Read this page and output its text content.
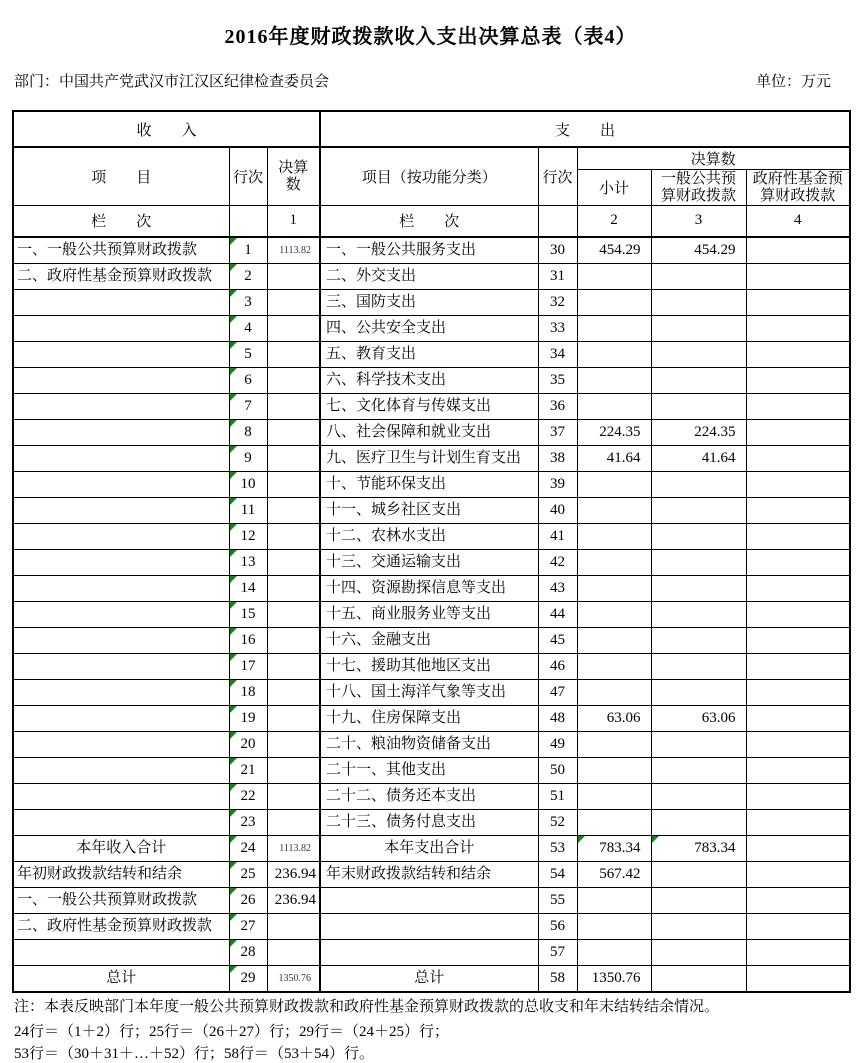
2016年度财政拨款收入支出决算总表（表4）
部门：中国共产党武汉市江汉区纪律检查委员会	单位：万元
收　　入			支　　出				
项　　目	行次	决算数	项目（按功能分类）	行次	决算数		
					小计	一般公共预算财政拨款	政府性基金预算财政拨款
栏　　次		1	栏　　次		2	3	4
一、一般公共预算财政拨款	1	1113.82	一、一般公共服务支出	30	454.29	454.29	
二、政府性基金预算财政拨款	2		二、外交支出	31			
	3		三、国防支出	32			
	4		四、公共安全支出	33			
	5		五、教育支出	34			
	6		六、科学技术支出	35			
	7		七、文化体育与传媒支出	36			
	8		八、社会保障和就业支出	37	224.35	224.35	
	9		九、医疗卫生与计划生育支出	38	41.64	41.64	
	10		十、节能环保支出	39			
	11		十一、城乡社区支出	40			
	12		十二、农林水支出	41			
	13		十三、交通运输支出	42			
	14		十四、资源勘探信息等支出	43			
	15		十五、商业服务业等支出	44			
	16		十六、金融支出	45			
	17		十七、援助其他地区支出	46			
	18		十八、国土海洋气象等支出	47			
	19		十九、住房保障支出	48	63.06	63.06	
	20		二十、粮油物资储备支出	49			
	21		二十一、其他支出	50			
	22		二十二、债务还本支出	51			
	23		二十三、债务付息支出	52			
本年收入合计	24	1113.82	本年支出合计	53	783.34	783.34	
年初财政拨款结转和结余	25	236.94	年末财政拨款结转和结余	54	567.42		
一、一般公共预算财政拨款	26	236.94		55			
二、政府性基金预算财政拨款	27			56			
	28			57			
总计	29	1350.76	总计	58	1350.76		
注：本表反映部门本年度一般公共预算财政拨款和政府性基金预算财政拨款的总收支和年末结转结余情况。
24行＝（1＋2）行；25行＝（26＋27）行；29行＝（24＋25）行；
53行＝（30＋31＋…＋52）行；58行＝（53＋54）行。
